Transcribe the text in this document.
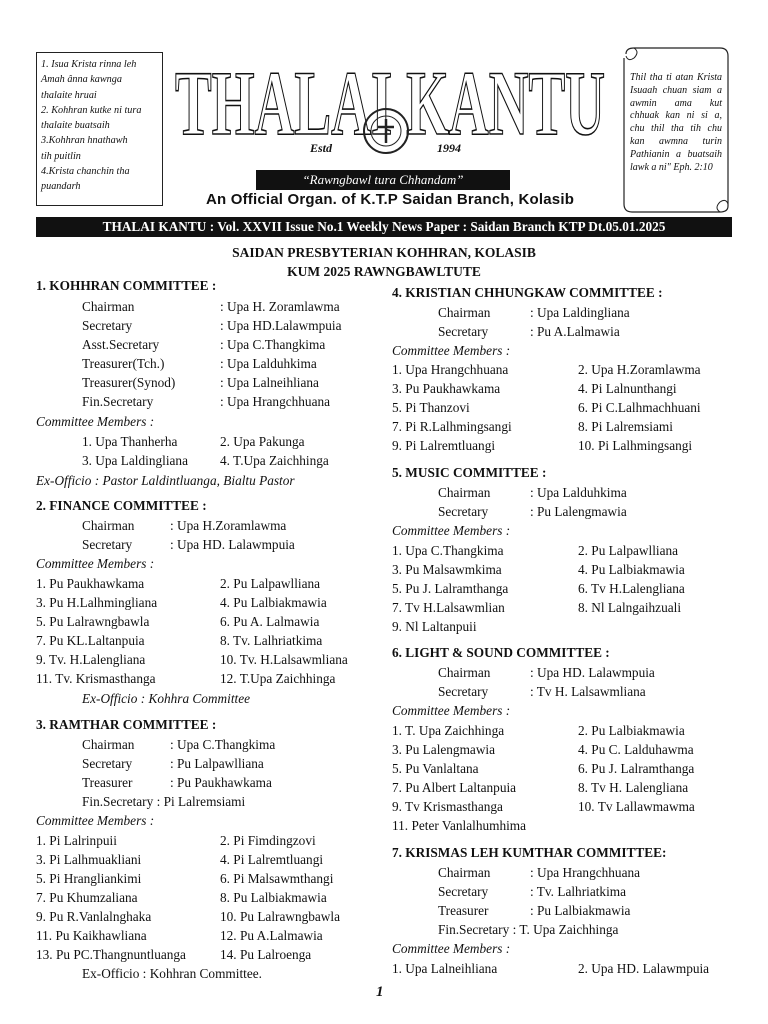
1. Isua Krista rinna leh
Amah ânna kawnga
thalaite hruai
2. Kohhran kutke ni tura
thalaite buatsaih
3.Kohhran hnathawh
tih puitlin
4.Krista chanchin tha
puandarh
Thil tha ti atan Krista Isuaah chuan siam a awmin ama kut chhuak kan ni si a, chu thil tha tih chu kan awmna turin Pathianin a buatsaih lawk a ni" Eph. 2:10
THALAI KANTU
Estd	1994
“Rawngbawl tura Chhandam”
An Official Organ. of K.T.P Saidan Branch, Kolasib
THALAI KANTU : Vol. XXVII Issue No.1 Weekly News Paper : Saidan Branch KTP Dt.05.01.2025
SAIDAN PRESBYTERIAN KOHHRAN, KOLASIB
KUM 2025 RAWNGBAWLTUTE
1. KOHHRAN COMMITTEE :
Chairman	: Upa H. Zoramlawma
Secretary	: Upa HD.Lalawmpuia
Asst.Secretary	: Upa C.Thangkima
Treasurer(Tch.)	: Upa Lalduhkima
Treasurer(Synod)	: Upa Lalneihliana
Fin.Secretary	: Upa Hrangchhuana
Committee Members :
1. Upa Thanherha	2. Upa Pakunga
3. Upa Laldingliana 4. T.Upa Zaichhinga
Ex-Officio : Pastor Laldintluanga, Bialtu Pastor
2. FINANCE COMMITTEE :
Chairman	: Upa H.Zoramlawma
Secretary	: Upa HD. Lalawmpuia
Committee Members :
1. Pu Paukhawkama	2. Pu Lalpawlliana
3. Pu H.Lalhmingliana	4. Pu Lalbiakmawia
5. Pu Lalrawngbawla	6. Pu A. Lalmawia
7. Pu KL.Laltanpuia	8. Tv. Lalhriatkima
9. Tv. H.Lalengliana	10. Tv. H.Lalsawmliana
11. Tv. Krismasthanga	12. T.Upa Zaichhinga
Ex-Officio : Kohhra Committee
3. RAMTHAR COMMITTEE :
Chairman	: Upa C.Thangkima
Secretary	: Pu Lalpawlliana
Treasurer	: Pu Paukhawkama
Fin.Secretary : Pi Lalremsiami
Committee Members :
1. Pi Lalrinpuii	2. Pi Fimdingzovi
3. Pi Lalhmuakliani	4. Pi Lalremtluangi
5. Pi Hrangliankimi	6. Pi Malsawmthangi
7. Pu Khumzaliana	8. Pu Lalbiakmawia
9. Pu R.Vanlalnghaka	10. Pu Lalrawngbawla
11. Pu Kaikhawliana	12. Pu A.Lalmawia
13. Pu PC.Thangnuntluanga	14. Pu Lalroenga
Ex-Officio : Kohhran Committee.
4. KRISTIAN CHHUNGKAW COMMITTEE :
Chairman	: Upa Laldingliana
Secretary	: Pu A.Lalmawia
Committee Members :
1. Upa Hrangchhuana	2. Upa H.Zoramlawma
3. Pu Paukhawkama	4. Pi Lalnunthangi
5. Pi Thanzovi	6. Pi C.Lalhmachhuani
7. Pi R.Lalhmingsangi	8. Pi Lalremsiami
9. Pi Lalremtluangi	10. Pi Lalhmingsangi
5. MUSIC COMMITTEE :
Chairman	: Upa Lalduhkima
Secretary	: Pu Lalengmawia
Committee Members :
1. Upa C.Thangkima	2. Pu Lalpawlliana
3. Pu Malsawmkima	4. Pu Lalbiakmawia
5. Pu J. Lalramthanga	6. Tv H.Lalengliana
7. Tv H.Lalsawmlian	8. Nl Lalngaihzuali
9. Nl Laltanpuii
6. LIGHT & SOUND COMMITTEE :
Chairman	: Upa HD. Lalawmpuia
Secretary	: Tv H. Lalsawmliana
Committee Members :
1. T. Upa Zaichhinga	2. Pu Lalbiakmawia
3. Pu Lalengmawia	4. Pu C. Lalduhawma
5. Pu Vanlaltana	6. Pu J. Lalramthanga
7. Pu Albert Laltanpuia	8. Tv H. Lalengliana
9. Tv Krismasthanga	10. Tv Lallawmawma
11. Peter Vanlalhumhima
7. KRISMAS LEH KUMTHAR COMMITTEE:
Chairman	: Upa Hrangchhuana
Secretary	: Tv. Lalhriatkima
Treasurer	: Pu Lalbiakmawia
Fin.Secretary : T. Upa Zaichhinga
Committee Members :
1. Upa Lalneihliana	2. Upa HD. Lalawmpuia
1
